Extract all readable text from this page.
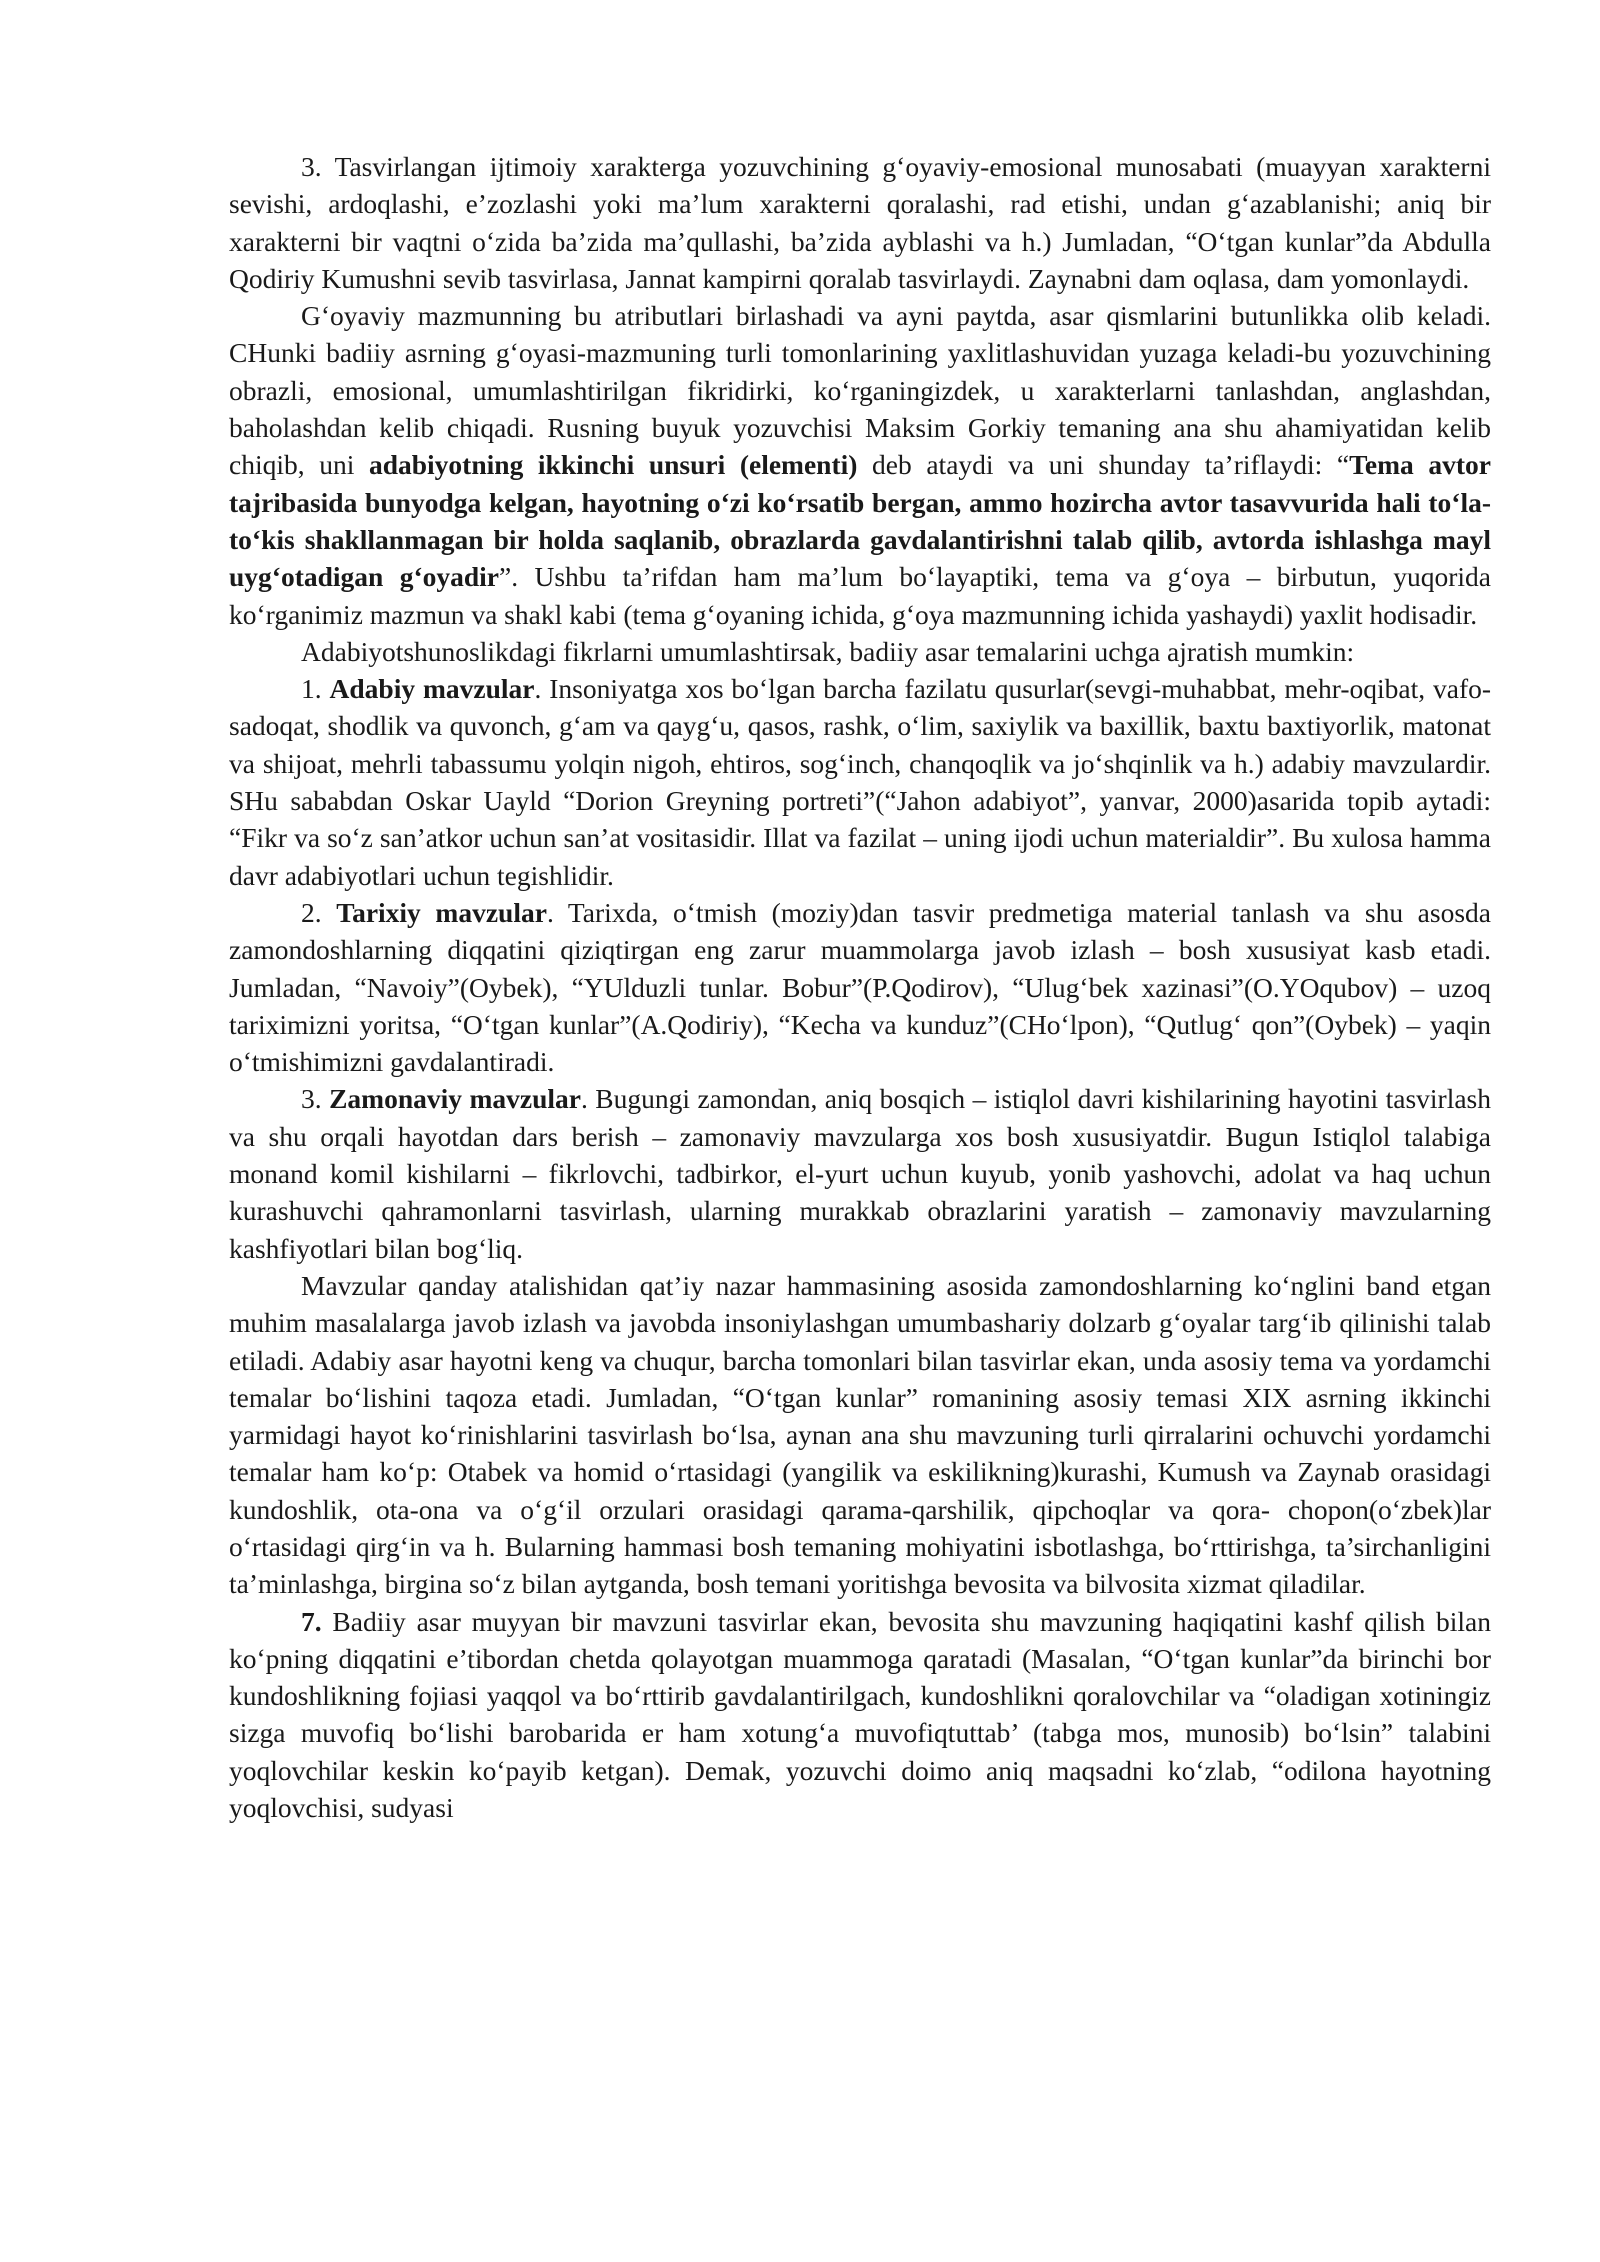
3. Tasvirlangan ijtimoiy xarakterga yozuvchining g‘oyaviy-emosional munosabati (muayyan xarakterni sevishi, ardoqlashi, e’zozlashi yoki ma’lum xarakterni qoralashi, rad etishi, undan g‘azablanishi; aniq bir xarakterni bir vaqtni o‘zida ba’zida ma’qullashi, ba’zida ayblashi va h.) Jumladan, “O‘tgan kunlar”da Abdulla Qodiriy Kumushni sevib tasvirlasa, Jannat kampirni qoralab tasvirlaydi. Zaynabni dam oqlasa, dam yomonlaydi.

G‘oyaviy mazmunning bu atributlari birlashadi va ayni paytda, asar qismlarini butunlikka olib keladi. CHunki badiiy asrning g‘oyasi-mazmuning turli tomonlarining yaxlitlashuvidan yuzaga keladi-bu yozuvchining obrazli, emosional, umumlashtirilgan fikridirki, ko‘rganingizdek, u xarakterlarni tanlashdan, anglashdan, baholashdan kelib chiqadi. Rusning buyuk yozuvchisi Maksim Gorkiy temaning ana shu ahamiyatidan kelib chiqib, uni adabiyotning ikkinchi unsuri (elementi) deb ataydi va uni shunday ta’riflaydi: “Tema avtor tajribasida bunyodga kelgan, hayotning o‘zi ko‘rsatib bergan, ammo hozircha avtor tasavvurida hali to‘la-to‘kis shakllanmagan bir holda saqlanib, obrazlarda gavdalantirishni talab qilib, avtorda ishlashga mayl uyg‘otadigan g‘oyadir”. Ushbu ta’rifdan ham ma’lum bo‘layaptiki, tema va g‘oya – birbutun, yuqorida ko‘rganimiz mazmun va shakl kabi (tema g‘oyaning ichida, g‘oya mazmunning ichida yashaydi) yaxlit hodisadir.

Adabiyotshunoslikdagi fikrlarni umumlashtirsak, badiiy asar temalarini uchga ajratish mumkin:

1. Adabiy mavzular. Insoniyatga xos bo‘lgan barcha fazilatu qusurlar(sevgi-muhabbat, mehr-oqibat, vafo-sadoqat, shodlik va quvonch, g‘am va qayg‘u, qasos, rashk, o‘lim, saxiylik va baxillik, baxtu baxtiyorlik, matonat va shijoat, mehrli tabassumu yolqin nigoh, ehtiros, sog‘inch, chanqoqlik va jo‘shqinlik va h.) adabiy mavzulardir. SHu sababdan Oskar Uayld “Dorion Greyning portreti”(“Jahon adabiyot”, yanvar, 2000)asarida topib aytadi: “Fikr va so‘z san’atkor uchun san’at vositasidir. Illat va fazilat – uning ijodi uchun materialdir”. Bu xulosa hamma davr adabiyotlari uchun tegishlidir.

2. Tarixiy mavzular. Tarixda, o‘tmish (moziy)dan tasvir predmetiga material tanlash va shu asosda zamondoshlarning diqqatini qiziqtirgan eng zarur muammolarga javob izlash – bosh xususiyat kasb etadi. Jumladan, “Navoiy”(Oybek), “YUlduzli tunlar. Bobur”(P.Qodirov), “Ulug‘bek xazinasi”(O.YOqubov) – uzoq tariximizni yoritsa, “O‘tgan kunlar”(A.Qodiriy), “Kecha va kunduz”(CHo‘lpon), “Qutlug‘ qon”(Oybek) – yaqin o‘tmishimizni gavdalantiradi.

3. Zamonaviy mavzular. Bugungi zamondan, aniq bosqich – istiqlol davri kishilarining hayotini tasvirlash va shu orqali hayotdan dars berish – zamonaviy mavzularga xos bosh xususiyatdir. Bugun Istiqlol talabiga monand komil kishilarni – fikrlovchi, tadbirkor, el-yurt uchun kuyub, yonib yashovchi, adolat va haq uchun kurashuvchi qahramonlarni tasvirlash, ularning murakkab obrazlarini yaratish – zamonaviy mavzularning kashfiyotlari bilan bog‘liq.

Mavzular qanday atalishidan qat’iy nazar hammasining asosida zamondoshlarning ko‘nglini band etgan muhim masalalarga javob izlash va javobda insoniylashgan umumbashariy dolzarb g‘oyalar targ‘ib qilinishi talab etiladi. Adabiy asar hayotni keng va chuqur, barcha tomonlari bilan tasvirlar ekan, unda asosiy tema va yordamchi temalar bo‘lishini taqoza etadi. Jumladan, “O‘tgan kunlar” romanining asosiy temasi XIX asrning ikkinchi yarmidagi hayot ko‘rinishlarini tasvirlash bo‘lsa, aynan ana shu mavzuning turli qirralarini ochuvchi yordamchi temalar ham ko‘p: Otabek va homid o‘rtasidagi (yangilik va eskilikning)kurashi, Kumush va Zaynab orasidagi kundoshlik, ota-ona va o‘g‘il orzulari orasidagi qarama-qarshilik, qipchoqlar va qora- chopon(o‘zbek)lar o‘rtasidagi qirg‘in va h. Bularning hammasi bosh temaning mohiyatini isbotlashga, bo‘rttirishga, ta’sirchanligini ta’minlashga, birgina so‘z bilan aytganda, bosh temani yoritishga bevosita va bilvosita xizmat qiladilar.

7. Badiiy asar muyyan bir mavzuni tasvirlar ekan, bevosita shu mavzuning haqiqatini kashf qilish bilan ko‘pning diqqatini e’tibordan chetda qolayotgan muammoga qaratadi (Masalan, “O‘tgan kunlar”da birinchi bor kundoshlikning fojiasi yaqqol va bo‘rttirib gavdalantirilgach, kundoshlikni qoralovchilar va “oladigan xotiningiz sizga muvofiq bo‘lishi barobarida er ham xotung‘a muvofiqtuttab’ (tabga mos, munosib) bo‘lsin” talabini yoqlovchilar keskin ko‘payib ketgan). Demak, yozuvchi doimo aniq maqsadni ko‘zlab, “odilona hayotning yoqlovchisi, sudyasi
